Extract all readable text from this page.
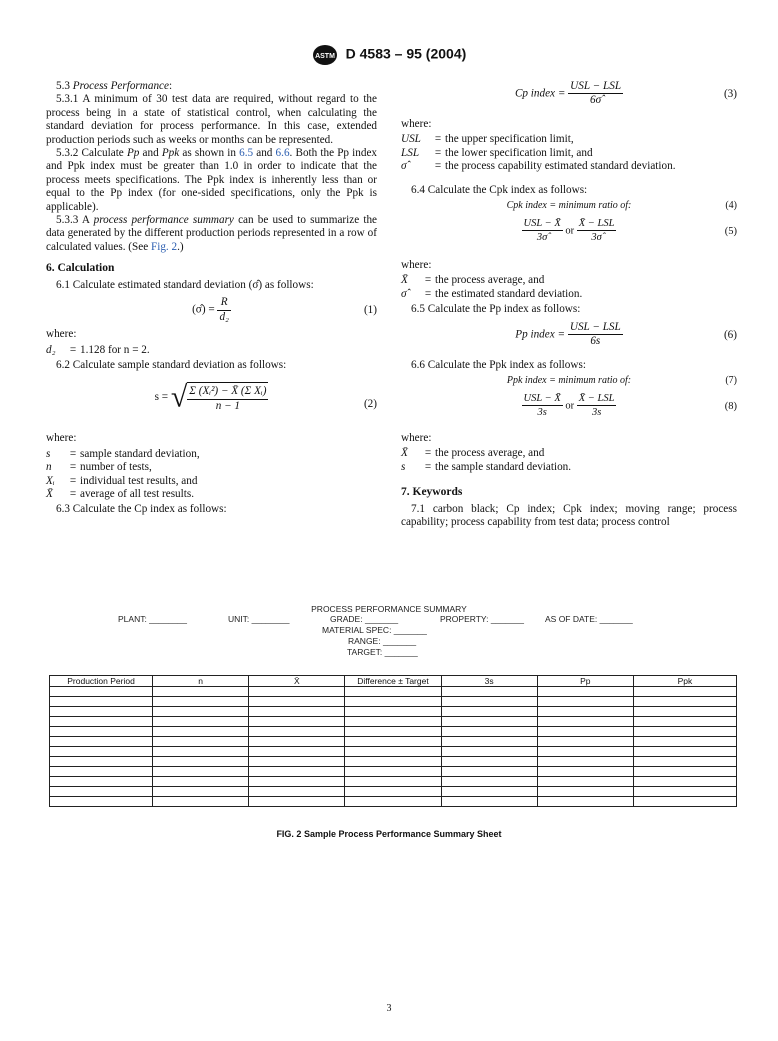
ASTM D 4583 – 95 (2004)

5.3 Process Performance:

5.3.1 A minimum of 30 test data are required, without regard to the process being in a state of statistical control, when calculating the standard deviation for process performance. In this case, extended production periods such as weeks or months can be represented.

5.3.2 Calculate Pp and Ppk as shown in 6.5 and 6.6. Both the Pp index and Ppk index must be greater than 1.0 in order to indicate that the process meets specifications. The Ppk index is inherently less than or equal to the Pp index (for one-sided specifications, only the Ppk is applicable).

5.3.3 A process performance summary can be used to summarize the data generated by the different production periods represented in a row of calculated values. (See Fig. 2.)

6. Calculation

6.1 Calculate estimated standard deviation (σ̂) as follows:

(σ̂) = $\frac{R}{\text{d₂}}$	(1)

where:

d₂	= 1.128 for n = 2.

6.2 Calculate sample standard deviation as follows:

s = √ $\frac{\text{Σ (Xᵢ²) − X̄ (Σ Xᵢ)}}{n - 1}$	(2)

where:

s	= sample standard deviation,
n	= number of tests,
Xᵢ	= individual test results, and
X̄	= average of all test results.

6.3 Calculate the Cp index as follows:

Cp index = $\frac{\text{USL − LSL}}{6\sigmâ}$	(3)

where:

USL	= the upper specification limit,
LSL	= the lower specification limit, and
σ̂	= the process capability estimated standard deviation.

6.4 Calculate the Cpk index as follows:

Cpk index = minimum ratio of:	(4)
$\frac{\text{USL − X̄}}{3\sigmâ}$ or $\frac{\text{X̄ − LSL}}{3\sigmâ}$	(5)

where:

X̄	= the process average, and
σ̂	= the estimated standard deviation.

6.5 Calculate the Pp index as follows:

Pp index = $\frac{\text{USL − LSL}}{6s}$	(6)

6.6 Calculate the Ppk index as follows:

Ppk index = minimum ratio of:	(7)
$\frac{\text{USL − X̄}}{3s}$ or $\frac{\text{X̄ − LSL}}{3s}$	(8)

where:

X̄	= the process average, and
s	= the sample standard deviation.

7. Keywords

7.1 carbon black; Cp index; Cpk index; moving range; process capability; process capability from test data; process control

PROCESS PERFORMANCE SUMMARY
PLANT: ________	UNIT: ________	GRADE: _______	PROPERTY: _______ AS OF DATE: _______
MATERIAL SPEC: _______
RANGE: _______
TARGET: _______
Production Period	n	X̄	Difference ± Target	3s	Pp	Ppk

FIG. 2 Sample Process Performance Summary Sheet
3
